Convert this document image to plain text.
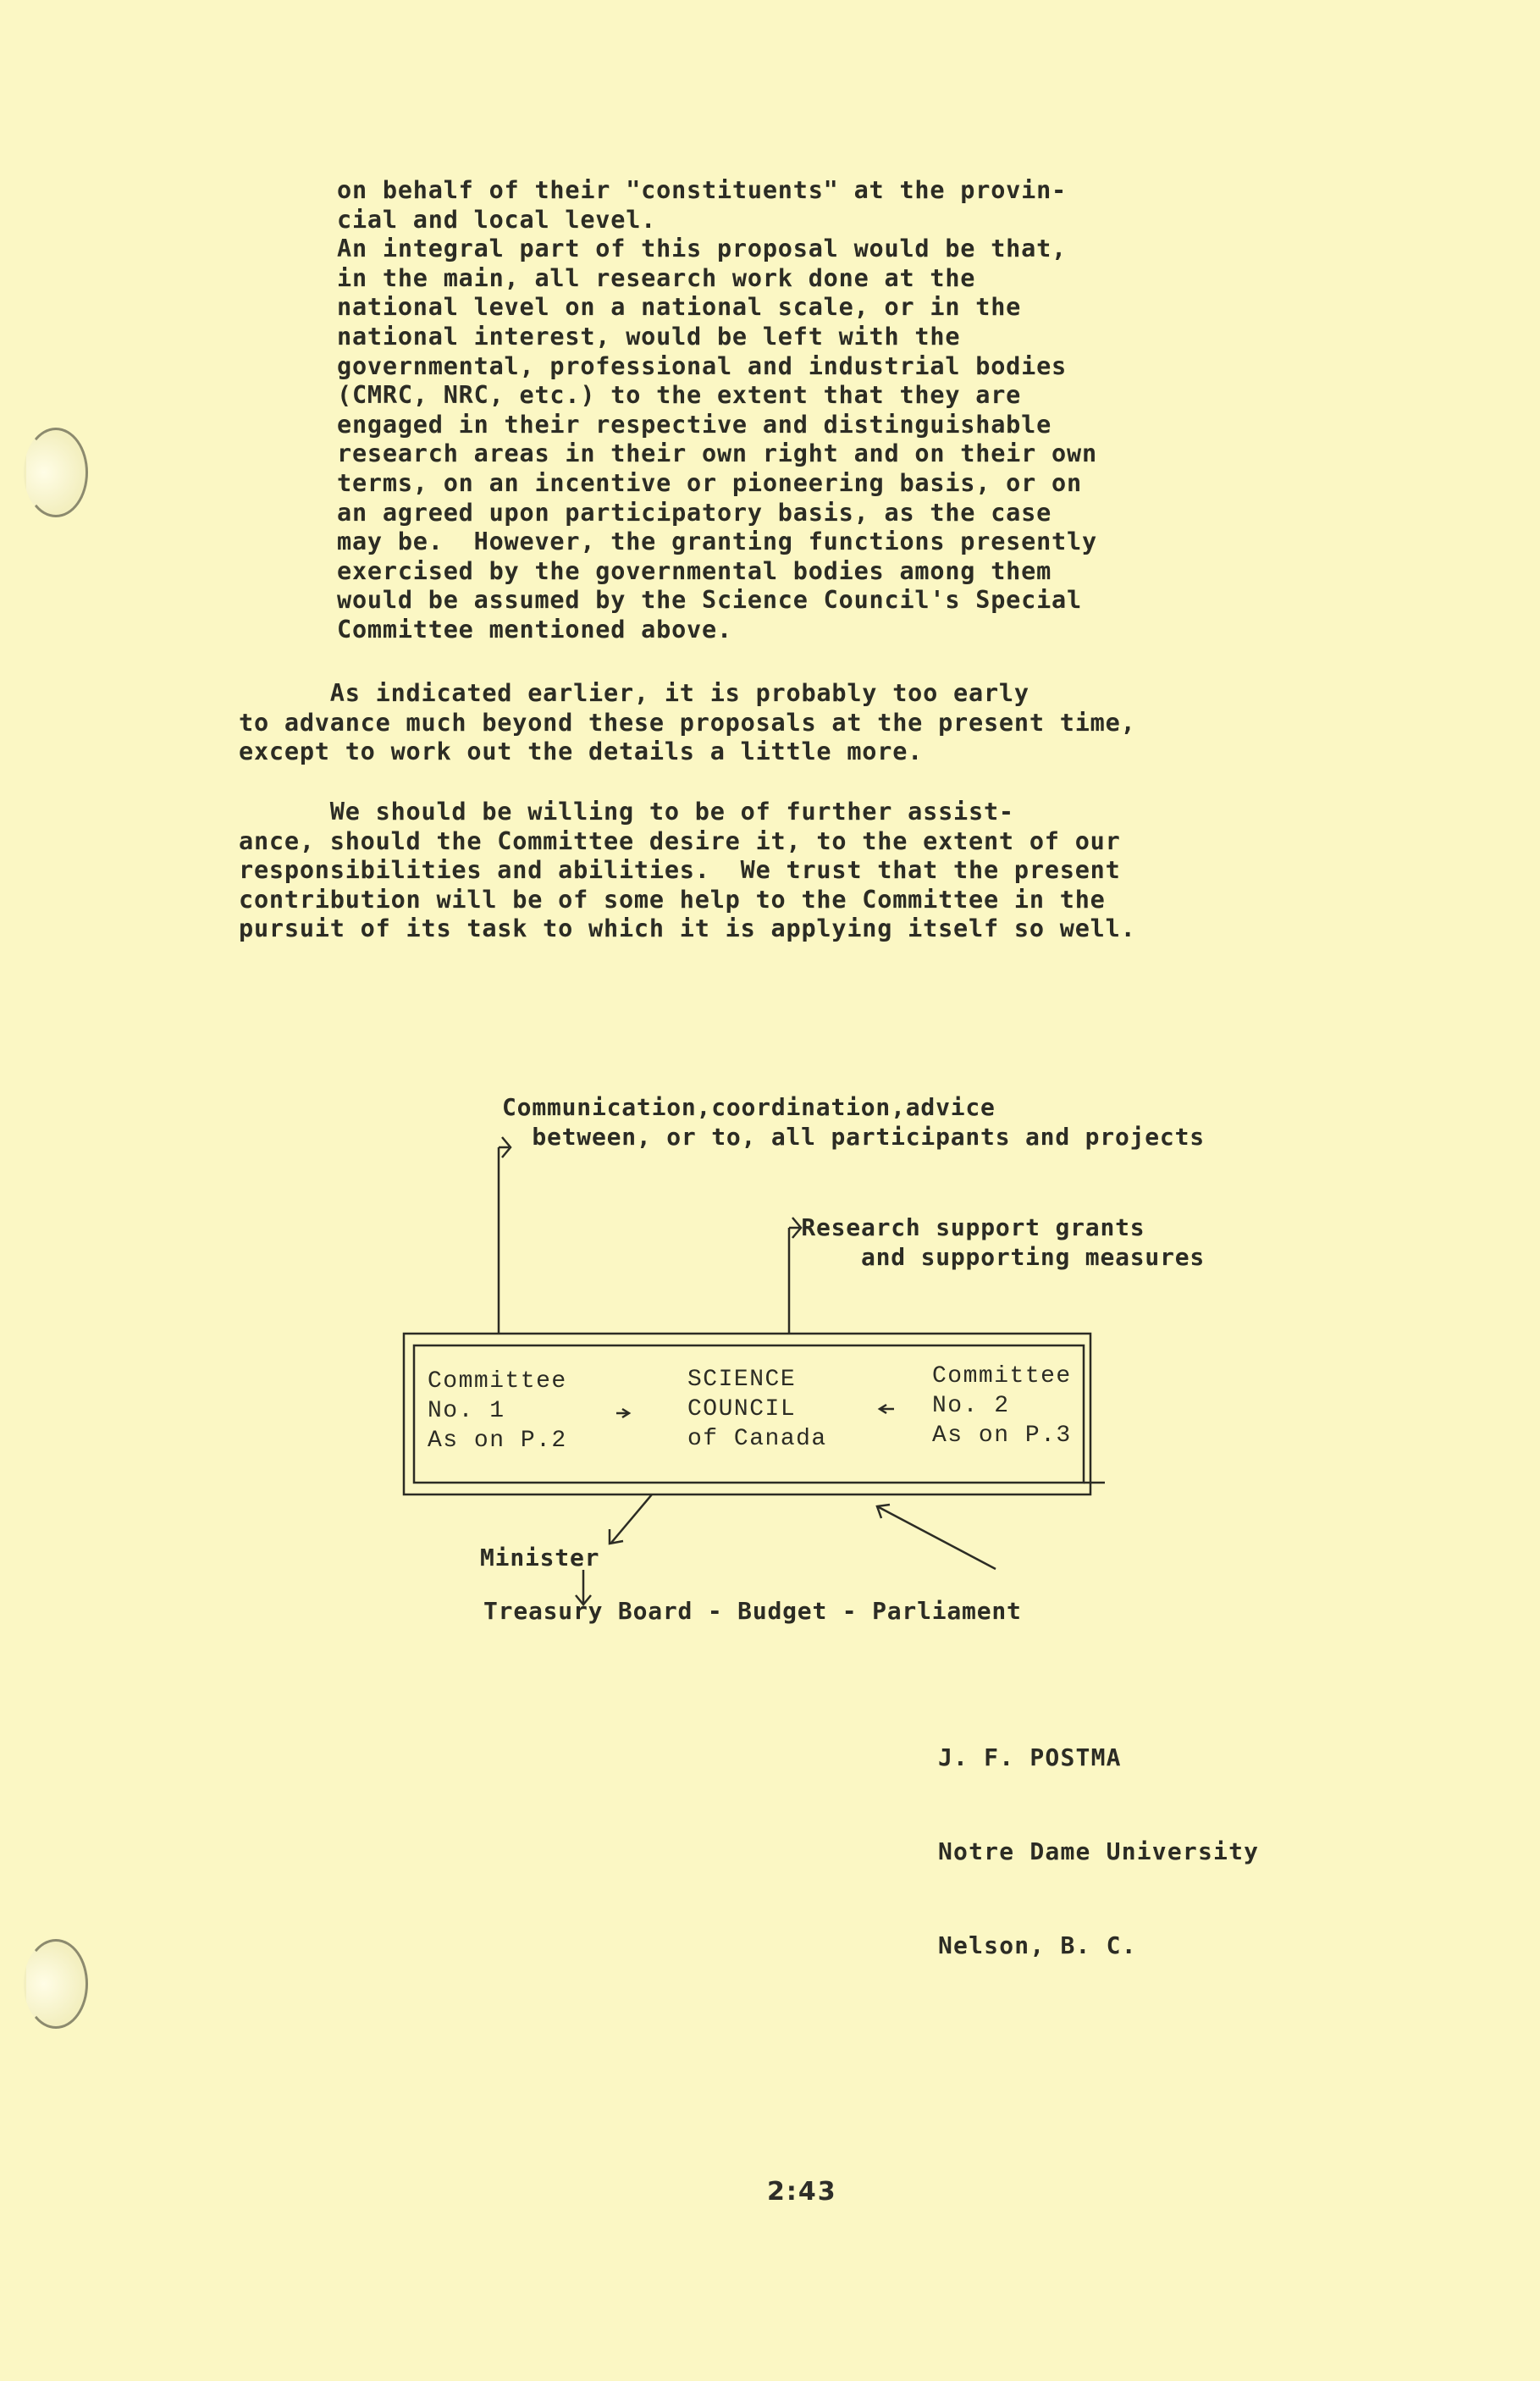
on behalf of their "constituents" at the provin-
cial and local level.
An integral part of this proposal would be that,
in the main, all research work done at the
national level on a national scale, or in the
national interest, would be left with the
governmental, professional and industrial bodies
(CMRC, NRC, etc.) to the extent that they are
engaged in their respective and distinguishable
research areas in their own right and on their own
terms, on an incentive or pioneering basis, or on
an agreed upon participatory basis, as the case
may be.  However, the granting functions presently
exercised by the governmental bodies among them
would be assumed by the Science Council's Special
Committee mentioned above.
As indicated earlier, it is probably too early
to advance much beyond these proposals at the present time,
except to work out the details a little more.
We should be willing to be of further assist-
ance, should the Committee desire it, to the extent of our
responsibilities and abilities.  We trust that the present
contribution will be of some help to the Committee in the
pursuit of its task to which it is applying itself so well.
Communication,coordination,advice
between, or to, all participants and projects
Research support grants
and supporting measures
Committee
No. 1
As on P.2
SCIENCE
COUNCIL
of Canada
Committee
No. 2
As on P.3
Minister
Treasury Board - Budget - Parliament

J. F. POSTMA

Notre Dame University

Nelson, B. C.

2:43
